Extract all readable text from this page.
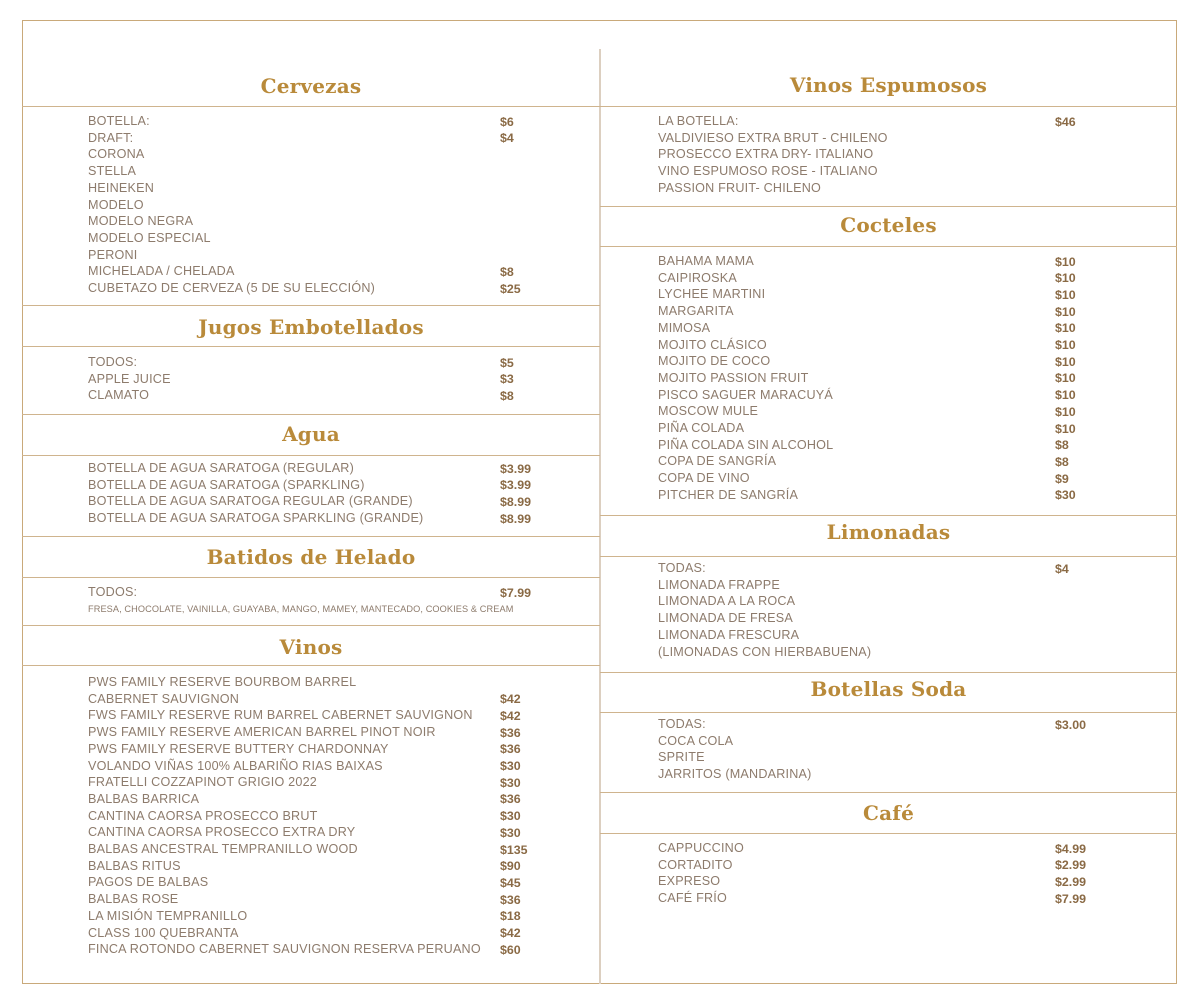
Cervezas
Jugos Embotellados
Agua
Batidos de Helado
FRESA, CHOCOLATE, VAINILLA, GUAYABA, MANGO, MAMEY, MANTECADO, COOKIES & CREAM
Vinos
BOTELLA:	$6
DRAFT:	$4
CORONA
STELLA
HEINEKEN
MODELO
MODELO NEGRA
MODELO ESPECIAL
PERONI
MICHELADA / CHELADA	$8
CUBETAZO DE CERVEZA (5 DE SU ELECCIÓN)	$25
TODOS:	$5
APPLE JUICE	$3
CLAMATO	$8
BOTELLA DE AGUA SARATOGA (REGULAR)	$3.99
BOTELLA DE AGUA SARATOGA (SPARKLING)	$3.99
BOTELLA DE AGUA SARATOGA REGULAR (GRANDE)	$8.99
BOTELLA DE AGUA SARATOGA SPARKLING (GRANDE)	$8.99
TODOS:	$7.99
PWS FAMILY RESERVE BOURBOM BARREL
CABERNET SAUVIGNON	$42
FWS FAMILY RESERVE RUM BARREL CABERNET SAUVIGNON $42
PWS FAMILY RESERVE AMERICAN BARREL PINOT NOIR	$36
PWS FAMILY RESERVE BUTTERY CHARDONNAY	$36
VOLANDO VIÑAS 100% ALBARIÑO RIAS BAIXAS	$30
FRATELLI COZZAPINOT GRIGIO 2022	$30
BALBAS BARRICA	$36
CANTINA CAORSA PROSECCO BRUT	$30
CANTINA CAORSA PROSECCO EXTRA DRY	$30
BALBAS ANCESTRAL TEMPRANILLO WOOD	$135
BALBAS RITUS	$90
PAGOS DE BALBAS	$45
BALBAS ROSE	$36
LA MISIÓN TEMPRANILLO	$18
CLASS 100 QUEBRANTA	$42
FINCA ROTONDO CABERNET SAUVIGNON RESERVA PERUANO $60
Vinos Espumosos
Cocteles
Limonadas
Botellas Soda
Café
LA BOTELLA:	$46
VALDIVIESO EXTRA BRUT - CHILENO
PROSECCO EXTRA DRY- ITALIANO
VINO ESPUMOSO ROSE - ITALIANO
PASSION FRUIT- CHILENO
BAHAMA MAMA	$10
CAIPIROSKA	$10
LYCHEE MARTINI	$10
MARGARITA	$10
MIMOSA	$10
MOJITO CLÁSICO	$10
MOJITO DE COCO	$10
MOJITO PASSION FRUIT	$10
PISCO SAGUER MARACUYÁ	$10
MOSCOW MULE	$10
PIÑA COLADA	$10
PIÑA COLADA SIN ALCOHOL	$8
COPA DE SANGRÍA	$8
COPA DE VINO	$9
PITCHER DE SANGRÍA	$30
TODAS:	$4
LIMONADA FRAPPE
LIMONADA A LA ROCA
LIMONADA DE FRESA
LIMONADA FRESCURA
(LIMONADAS CON HIERBABUENA)
TODAS:	$3.00
COCA COLA
SPRITE
JARRITOS (MANDARINA)
CAPPUCCINO	$4.99
CORTADITO	$2.99
EXPRESO	$2.99
CAFÉ FRÍO	$7.99
